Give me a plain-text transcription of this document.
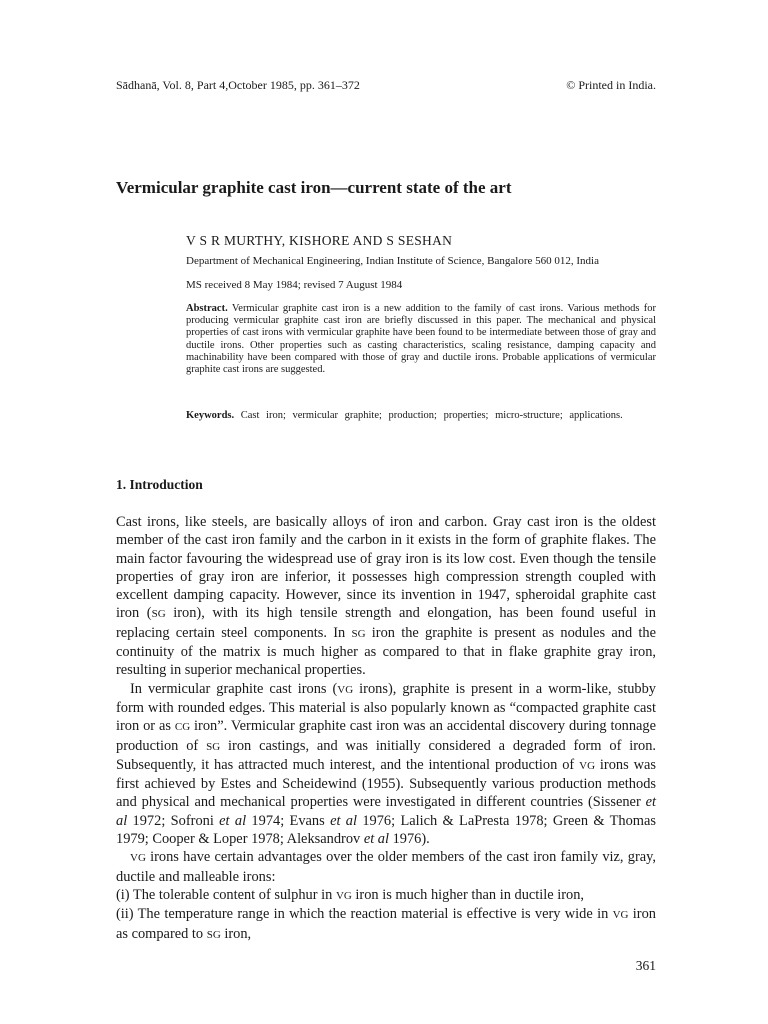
Sādhanā, Vol. 8, Part 4,October 1985, pp. 361–372	© Printed in India.
Vermicular graphite cast iron—current state of the art
V S R MURTHY, KISHORE AND S SESHAN
Department of Mechanical Engineering, Indian Institute of Science, Bangalore 560 012, India
MS received 8 May 1984; revised 7 August 1984
Abstract. Vermicular graphite cast iron is a new addition to the family of cast irons. Various methods for producing vermicular graphite cast iron are briefly discussed in this paper. The mechanical and physical properties of cast irons with vermicular graphite have been found to be intermediate between those of gray and ductile irons. Other properties such as casting characteristics, scaling resistance, damping capacity and machinability have been compared with those of gray and ductile irons. Probable applications of vermicular graphite cast irons are suggested.
Keywords. Cast iron; vermicular graphite; production; properties; micro-structure; applications.
1. Introduction

Cast irons, like steels, are basically alloys of iron and carbon. Gray cast iron is the oldest member of the cast iron family and the carbon in it exists in the form of graphite flakes. The main factor favouring the widespread use of gray iron is its low cost. Even though the tensile properties of gray iron are inferior, it possesses high compression strength coupled with excellent damping capacity. However, since its invention in 1947, spheroidal graphite cast iron (SG iron), with its high tensile strength and elongation, has been found useful in replacing certain steel components. In SG iron the graphite is present as nodules and the continuity of the matrix is much higher as compared to that in flake graphite gray iron, resulting in superior mechanical properties.

In vermicular graphite cast irons (VG irons), graphite is present in a worm-like, stubby form with rounded edges. This material is also popularly known as “compacted graphite cast iron or as CG iron”. Vermicular graphite cast iron was an accidental discovery during tonnage production of SG iron castings, and was initially considered a degraded form of iron. Subsequently, it has attracted much interest, and the intentional production of VG irons was first achieved by Estes and Scheidewind (1955). Subsequently various production methods and physical and mechanical properties were investigated in different countries (Sissener et al 1972; Sofroni et al 1974; Evans et al 1976; Lalich & LaPresta 1978; Green & Thomas 1979; Cooper & Loper 1978; Aleksandrov et al 1976).

VG irons have certain advantages over the older members of the cast iron family viz, gray, ductile and malleable irons:

(i) The tolerable content of sulphur in VG iron is much higher than in ductile iron,

(ii) The temperature range in which the reaction material is effective is very wide in VG iron as compared to SG iron,

361
